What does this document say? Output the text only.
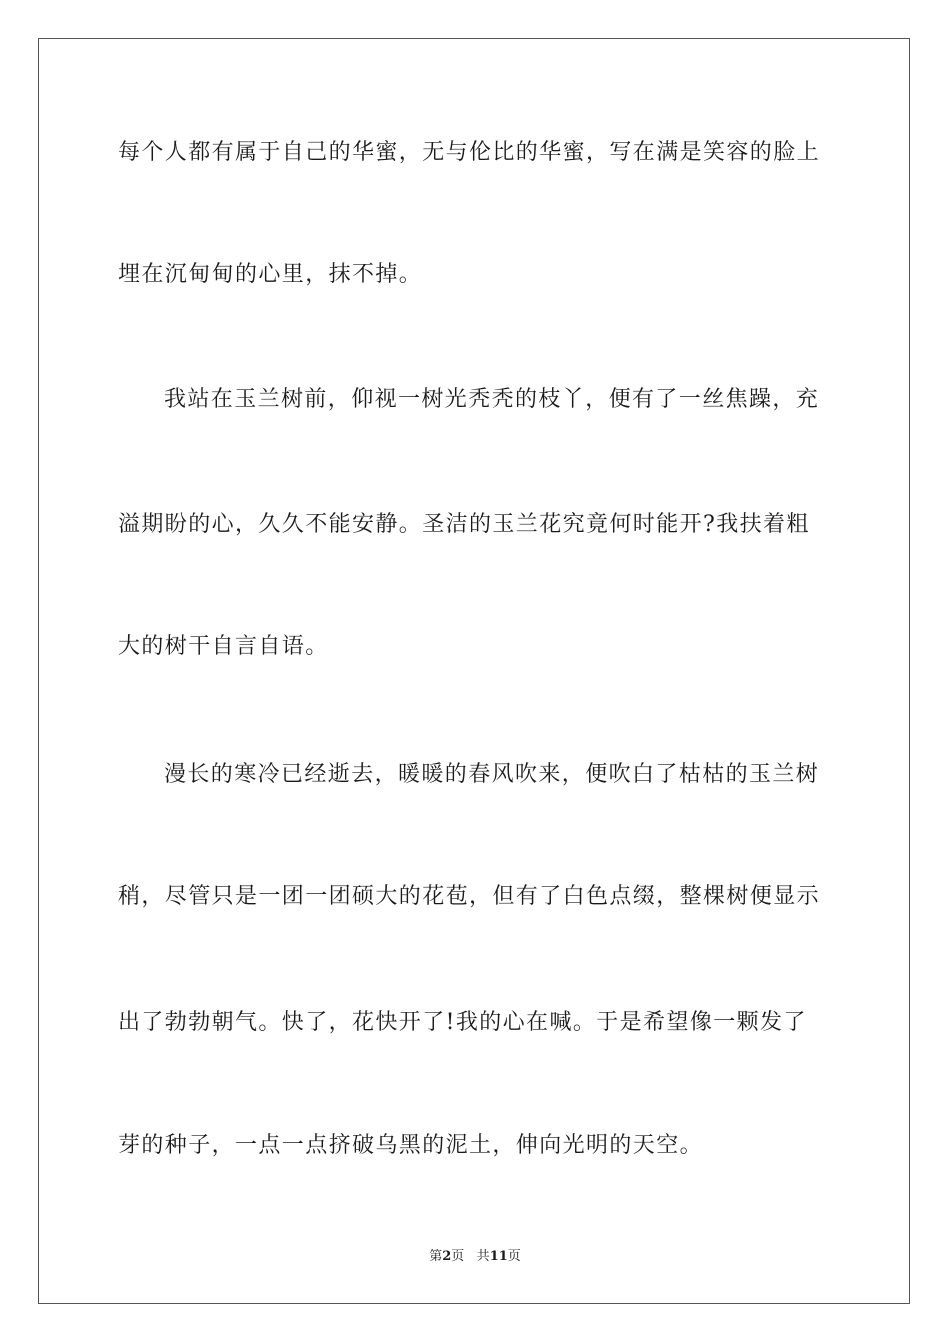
每个人都有属于自己的华蜜，无与伦比的华蜜，写在满是笑容的脸上
埋在沉甸甸的心里，抹不掉。
我站在玉兰树前，仰视一树光秃秃的枝丫，便有了一丝焦躁，充
溢期盼的心，久久不能安静。圣洁的玉兰花究竟何时能开?我扶着粗
大的树干自言自语。
漫长的寒冷已经逝去，暖暖的春风吹来，便吹白了枯枯的玉兰树
稍，尽管只是一团一团硕大的花苞，但有了白色点缀，整棵树便显示
出了勃勃朝气。快了，花快开了!我的心在喊。于是希望像一颗发了
芽的种子，一点一点挤破乌黑的泥土，伸向光明的天空。
第2页 共11页
